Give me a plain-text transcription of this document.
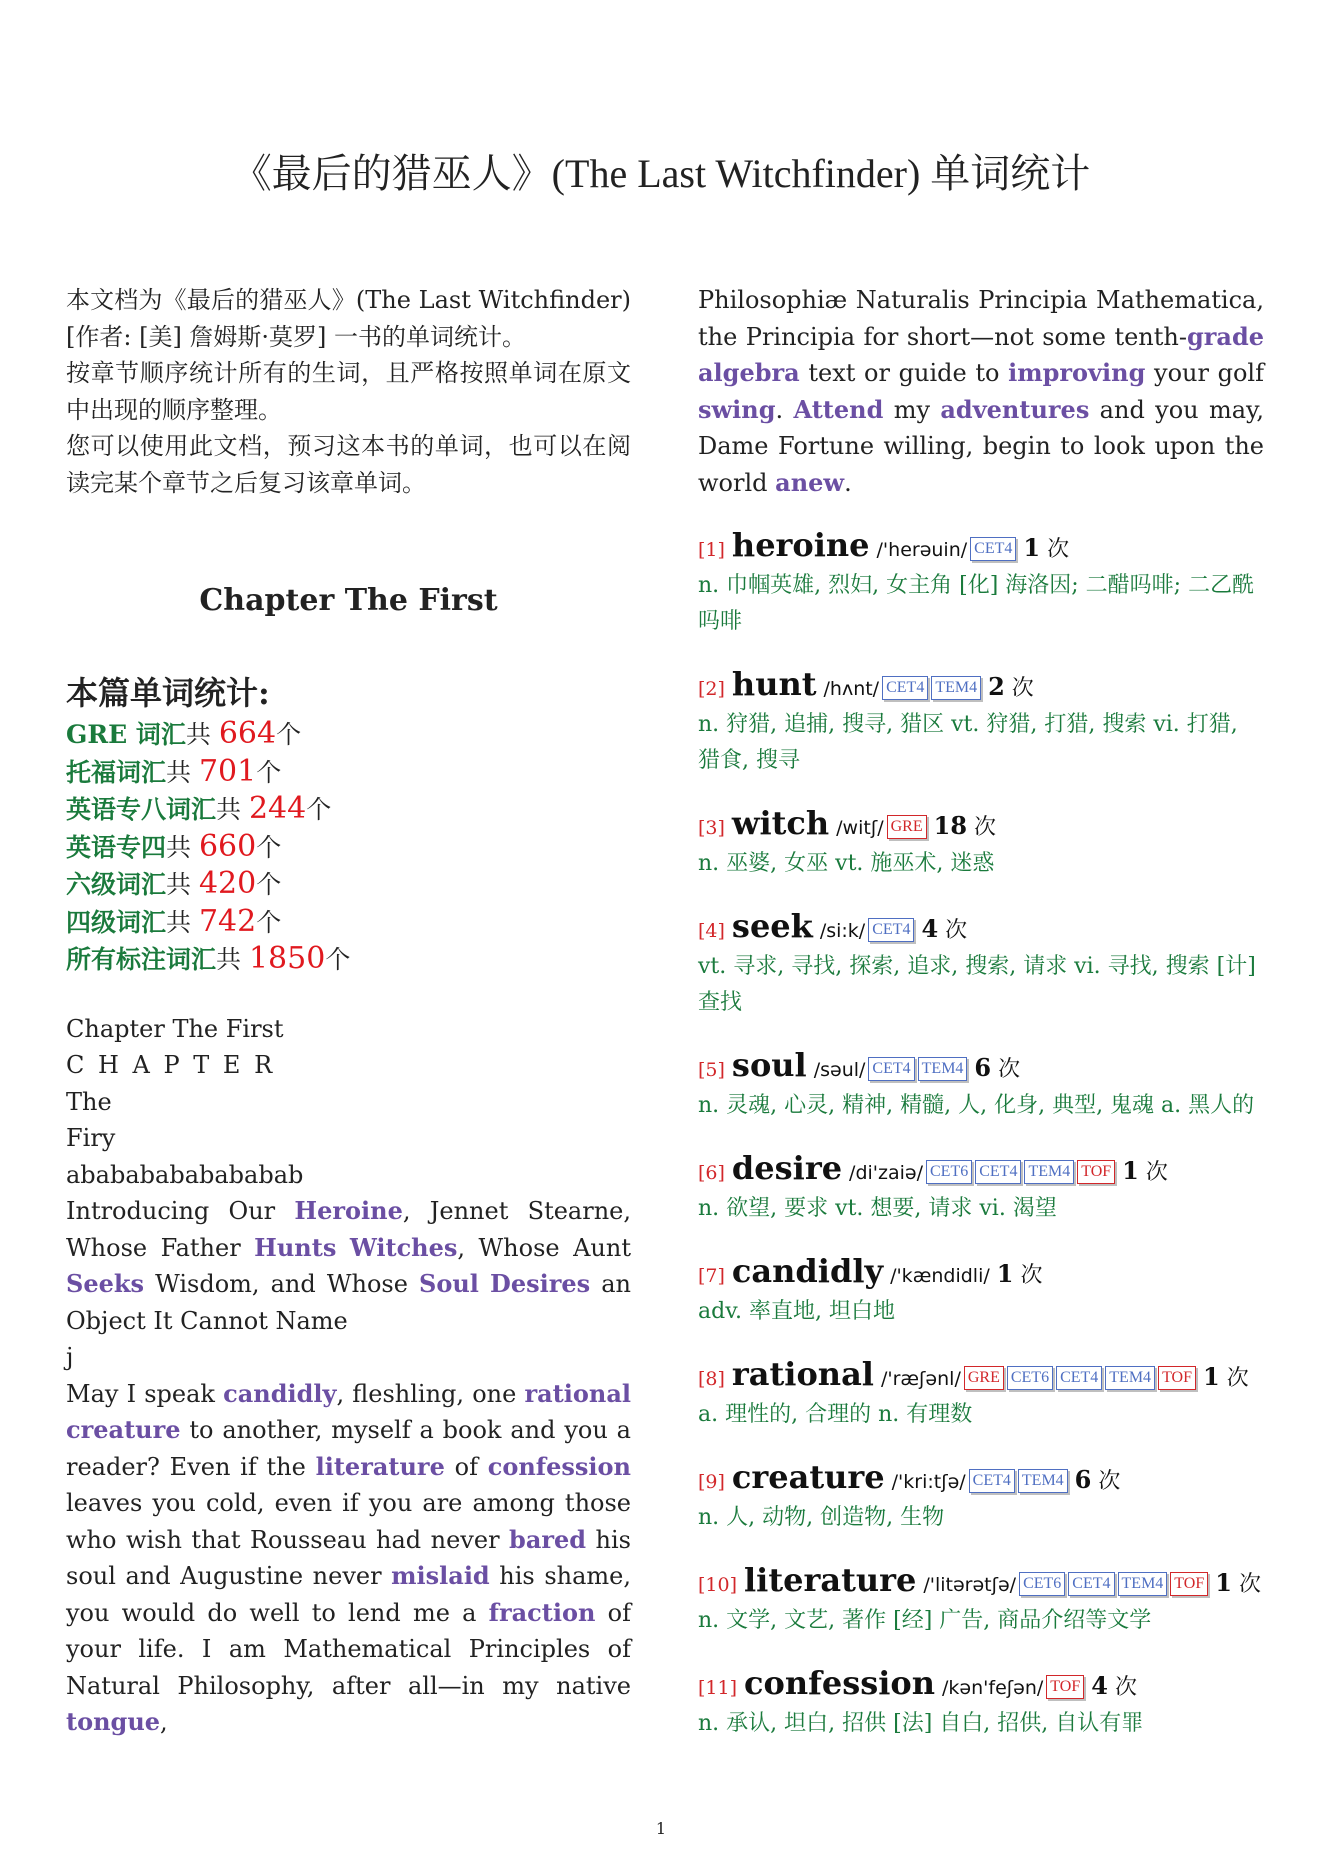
《最后的猎巫人》(The Last Witchfinder) 单词统计

本文档为《最后的猎巫人》(The Last Witchfinder)[作者: [美] 詹姆斯·莫罗] 一书的单词统计。

按章节顺序统计所有的生词，且严格按照单词在原文中出现的顺序整理。

您可以使用此文档，预习这本书的单词，也可以在阅读完某个章节之后复习该章单词。

Chapter The First
本篇单词统计:
GRE 词汇共 664个
托福词汇共 701个
英语专八词汇共 244个
英语专四共 660个
六级词汇共 420个
四级词汇共 742个
所有标注词汇共 1850个
Chapter The First
C H A P T E R
The
Firy
abababababababab

Introducing Our Heroine, Jennet Stearne, Whose Father Hunts Witches, Whose Aunt Seeks Wisdom, and Whose Soul Desires an Object It Cannot Name

j

May I speak candidly, fleshling, one rational creature to another, myself a book and you a reader? Even if the literature of confession leaves you cold, even if you are among those who wish that Rousseau had never bared his soul and Augustine never mislaid his shame, you would do well to lend me a fraction of your life. I am Mathematical Principles of Natural Philosophy, after all—in my native tongue,

Philosophiæ Naturalis Principia Mathematica, the Principia for short—not some tenth-grade algebra text or guide to improving your golf swing. Attend my adventures and you may, Dame Fortune willing, begin to look upon the world anew.

[1] heroine /'herəuin/ CET4 1 次
n. 巾帼英雄, 烈妇, 女主角 [化] 海洛因; 二醋吗啡; 二乙酰吗啡
[2] hunt /hʌnt/ CET4 TEM4 2 次
n. 狩猎, 追捕, 搜寻, 猎区 vt. 狩猎, 打猎, 搜索 vi. 打猎, 猎食, 搜寻
[3] witch /witʃ/ GRE 18 次
n. 巫婆, 女巫 vt. 施巫术, 迷惑
[4] seek /si:k/ CET4 4 次
vt. 寻求, 寻找, 探索, 追求, 搜索, 请求 vi. 寻找, 搜索 [计] 查找
[5] soul /səul/ CET4 TEM4 6 次
n. 灵魂, 心灵, 精神, 精髓, 人, 化身, 典型, 鬼魂 a. 黑人的
[6] desire /di'zaiə/ CET6 CET4 TEM4 TOF 1 次
n. 欲望, 要求 vt. 想要, 请求 vi. 渴望
[7] candidly /'kændidli/ 1 次
adv. 率直地, 坦白地
[8] rational /'ræʃənl/ GRE CET6 CET4 TEM4 TOF 1 次
a. 理性的, 合理的 n. 有理数
[9] creature /'kri:tʃə/ CET4 TEM4 6 次
n. 人, 动物, 创造物, 生物
[10] literature /'litərətʃə/ CET6 CET4 TEM4 TOF 1 次
n. 文学, 文艺, 著作 [经] 广告, 商品介绍等文学
[11] confession /kən'feʃən/ TOF 4 次
n. 承认, 坦白, 招供 [法] 自白, 招供, 自认有罪
1
